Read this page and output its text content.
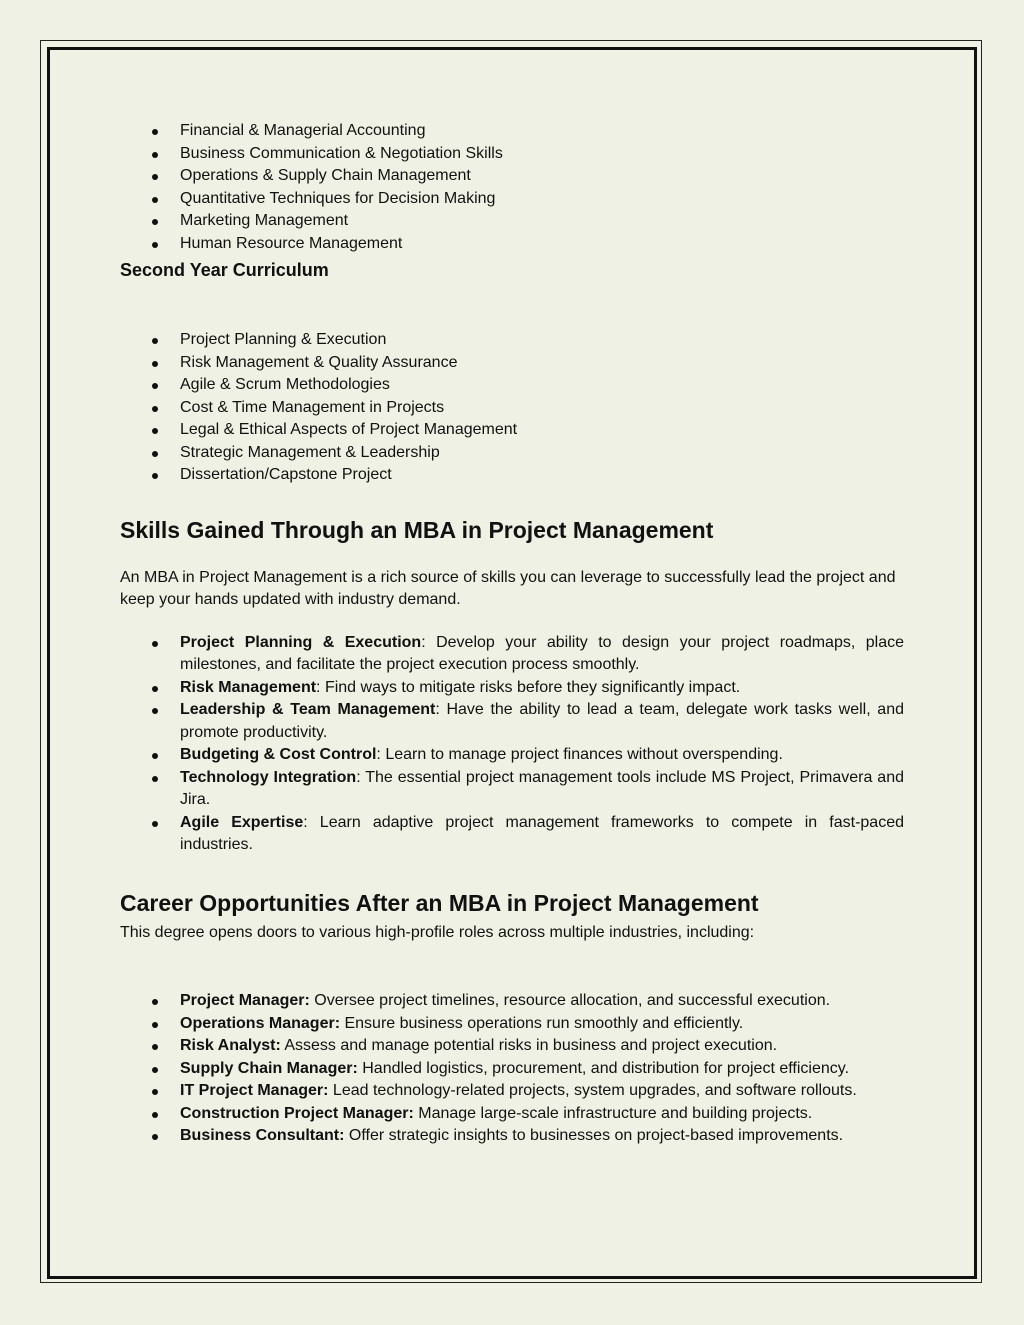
Financial & Managerial Accounting
Business Communication & Negotiation Skills
Operations & Supply Chain Management
Quantitative Techniques for Decision Making
Marketing Management
Human Resource Management
Second Year Curriculum
Project Planning & Execution
Risk Management & Quality Assurance
Agile & Scrum Methodologies
Cost & Time Management in Projects
Legal & Ethical Aspects of Project Management
Strategic Management & Leadership
Dissertation/Capstone Project
Skills Gained Through an MBA in Project Management

An MBA in Project Management is a rich source of skills you can leverage to successfully lead the project and keep your hands updated with industry demand.

Project Planning & Execution: Develop your ability to design your project roadmaps, place milestones, and facilitate the project execution process smoothly.
Risk Management: Find ways to mitigate risks before they significantly impact.
Leadership & Team Management: Have the ability to lead a team, delegate work tasks well, and promote productivity.
Budgeting & Cost Control: Learn to manage project finances without overspending.
Technology Integration: The essential project management tools include MS Project, Primavera and Jira.
Agile Expertise: Learn adaptive project management frameworks to compete in fast-paced industries.
Career Opportunities After an MBA in Project Management

This degree opens doors to various high-profile roles across multiple industries, including:

Project Manager: Oversee project timelines, resource allocation, and successful execution.
Operations Manager: Ensure business operations run smoothly and efficiently.
Risk Analyst: Assess and manage potential risks in business and project execution.
Supply Chain Manager: Handled logistics, procurement, and distribution for project efficiency.
IT Project Manager: Lead technology-related projects, system upgrades, and software rollouts.
Construction Project Manager: Manage large-scale infrastructure and building projects.
Business Consultant: Offer strategic insights to businesses on project-based improvements.
